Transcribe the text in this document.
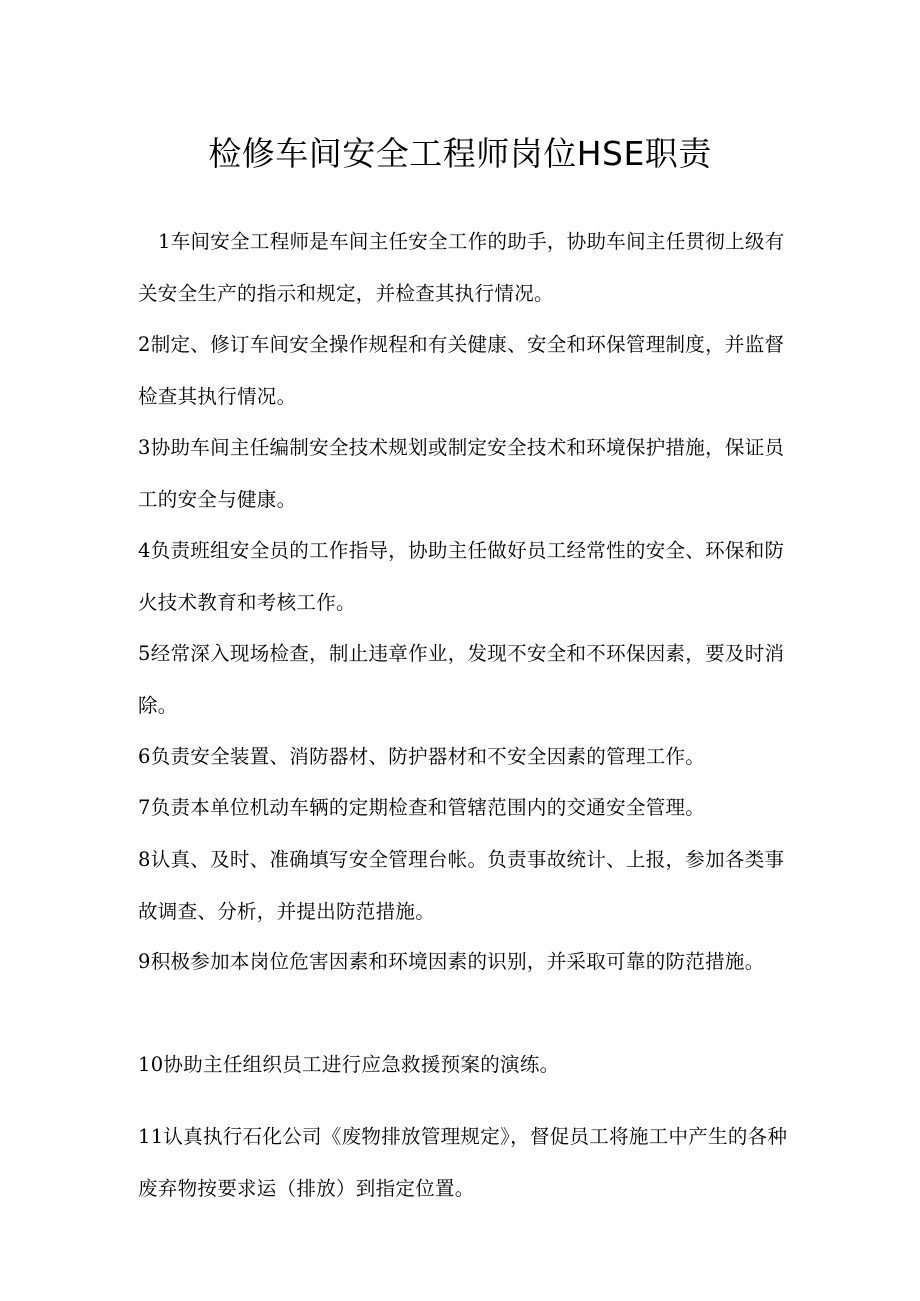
检修车间安全工程师岗位HSE职责

1车间安全工程师是车间主任安全工作的助手，协助车间主任贯彻上级有关安全生产的指示和规定，并检查其执行情况。

2制定、修订车间安全操作规程和有关健康、安全和环保管理制度，并监督检查其执行情况。

3协助车间主任编制安全技术规划或制定安全技术和环境保护措施，保证员工的安全与健康。

4负责班组安全员的工作指导，协助主任做好员工经常性的安全、环保和防火技术教育和考核工作。

5经常深入现场检查，制止违章作业，发现不安全和不环保因素，要及时消除。

6负责安全装置、消防器材、防护器材和不安全因素的管理工作。

7负责本单位机动车辆的定期检查和管辖范围内的交通安全管理。

8认真、及时、准确填写安全管理台帐。负责事故统计、上报，参加各类事故调查、分析，并提出防范措施。

9积极参加本岗位危害因素和环境因素的识别，并采取可靠的防范措施。

10协助主任组织员工进行应急救援预案的演练。

11认真执行石化公司《废物排放管理规定》，督促员工将施工中产生的各种废弃物按要求运（排放）到指定位置。
